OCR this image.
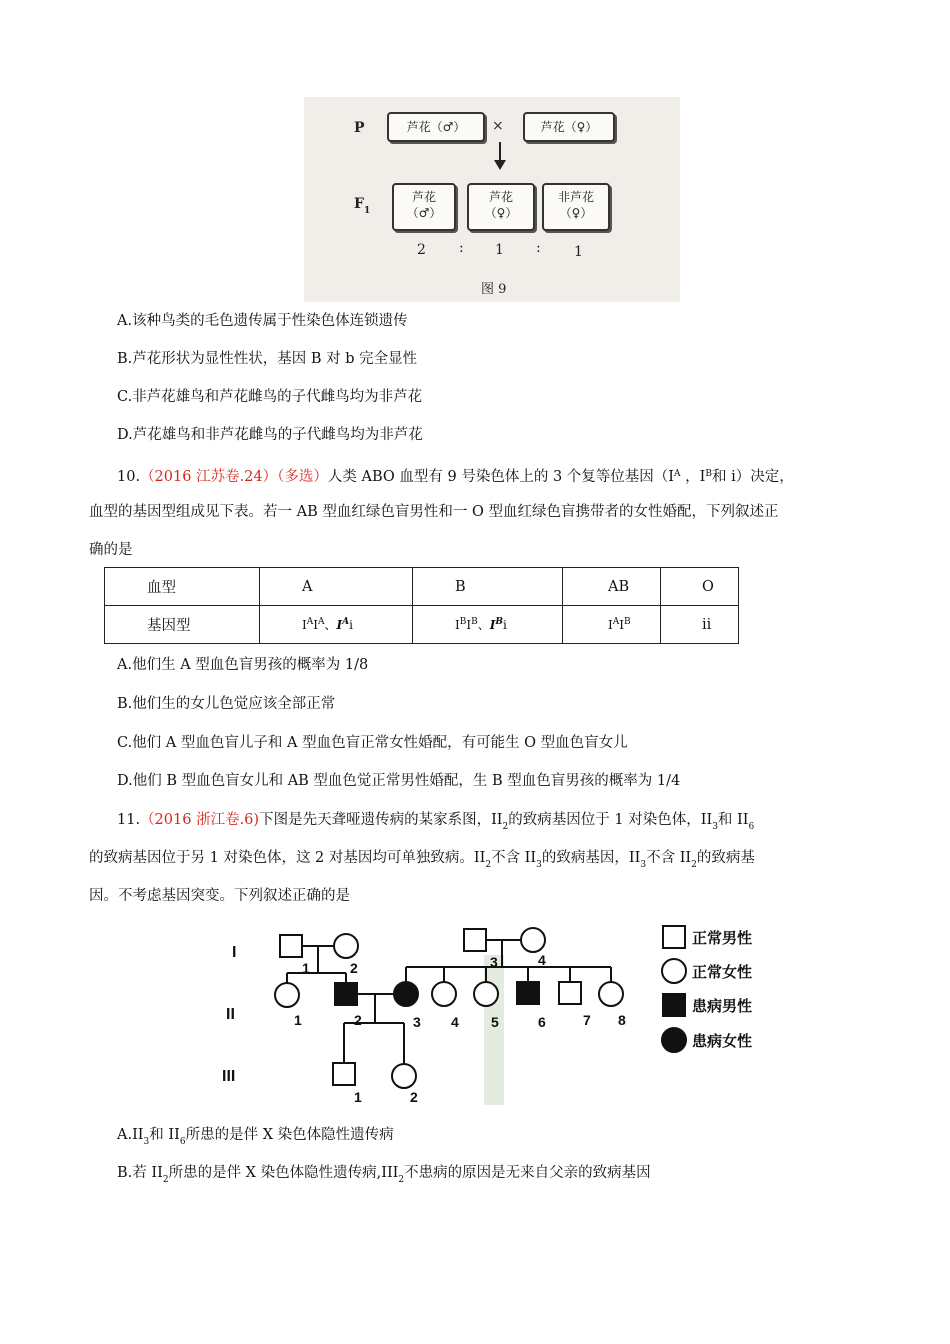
P	芦花（♂）	×	芦花（♀）
$F_1$
芦花
（♂）
芦花
（♀）
非芦花
（♀）
2 : 1 : 1
图 9
A.该种鸟类的毛色遗传属于性染色体连锁遗传
B.芦花形状为显性性状，基因 B 对 b 完全显性
C.非芦花雄鸟和芦花雌鸟的子代雌鸟均为非芦花
D.芦花雄鸟和非芦花雌鸟的子代雌鸟均为非芦花
10.（2016 江苏卷.24）（多选）人类 ABO 血型有 9 号染色体上的 3 个复等位基因（$I^A$ ，$I^B$和 i）决定，
血型的基因型组成见下表。若一 AB 型血红绿色盲男性和一 O 型血红绿色盲携带者的女性婚配，下列叙述正
确的是
血型	A	B	AB	O
基因型	$I^AI^A$、$I^Ai$	$I^BI^B$、$I^Bi$	$I^AI^B$	ii
A.他们生 A 型血色盲男孩的概率为 1/8
B.他们生的女儿色觉应该全部正常
C.他们 A 型血色盲儿子和 A 型血色盲正常女性婚配，有可能生 O 型血色盲女儿
D.他们 B 型血色盲女儿和 AB 型血色觉正常男性婚配，生 B 型血色盲男孩的概率为 1/4
11.（2016 浙江卷.6)下图是先天聋哑遗传病的某家系图，$II_2$的致病基因位于 1 对染色体，$II_3$和 $II_6$
的致病基因位于另 1 对染色体，这 2 对基因均可单独致病。$II_2$不含 $II_3$的致病基因，$II_3$不含 $II_2$的致病基
因。不考虑基因突变。下列叙述正确的是
I
II
III
1	2	3	4
1	2	3 4 5	6	7 8
1	2
正常男性
正常女性
患病男性
患病女性
$A.II_3$和 $II_6$所患的是伴 X 染色体隐性遗传病
B.若 $II_2$所患的是伴 X 染色体隐性遗传病$,III_2$不患病的原因是无来自父亲的致病基因
